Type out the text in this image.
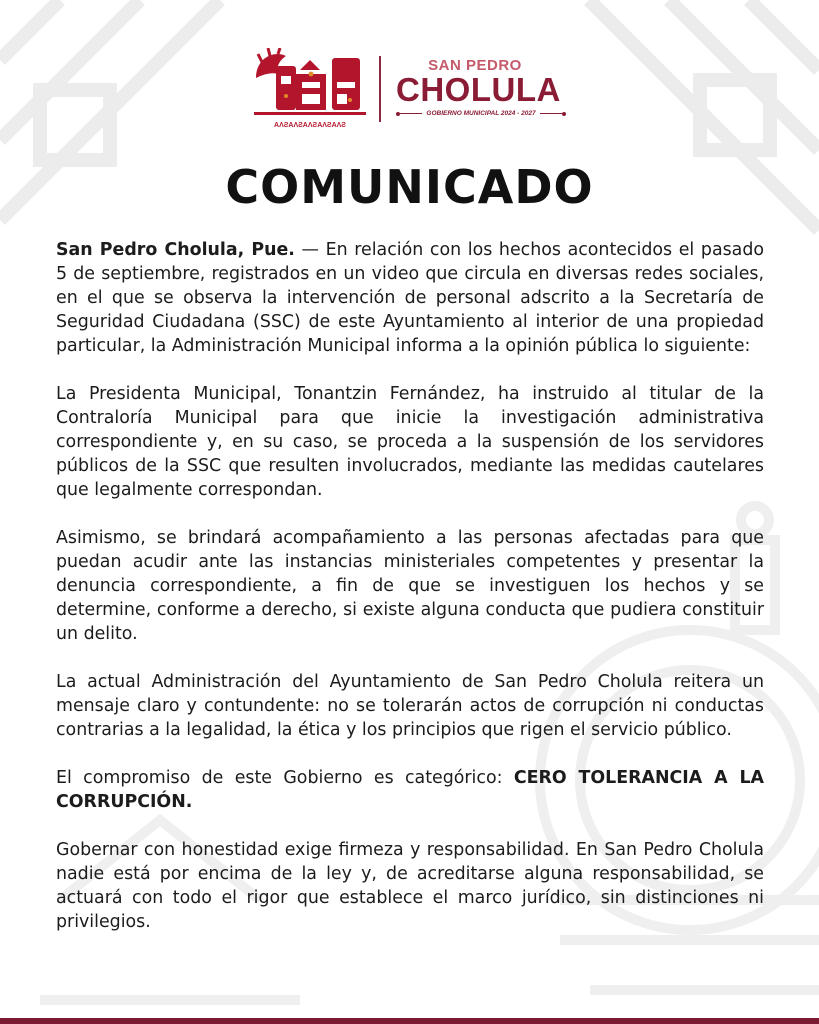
AɅƧAɅƧAɅƧAɅƧAɅƧ
SAN PEDRO
CHOLULA
GOBIERNO MUNICIPAL 2024 - 2027
COMUNICADO

San Pedro Cholula, Pue. — En relación con los hechos acontecidos el pasado 5 de septiembre, registrados en un video que circula en diversas redes sociales, en el que se observa la intervención de personal adscrito a la Secretaría de Seguridad Ciudadana (SSC) de este Ayuntamiento al interior de una propiedad particular, la Administración Municipal informa a la opinión pública lo siguiente:

La Presidenta Municipal, Tonantzin Fernández, ha instruido al titular de la Contraloría Municipal para que inicie la investigación administrativa correspondiente y, en su caso, se proceda a la suspensión de los servidores públicos de la SSC que resulten involucrados, mediante las medidas cautelares que legalmente correspondan.

Asimismo, se brindará acompañamiento a las personas afectadas para que puedan acudir ante las instancias ministeriales competentes y presentar la denuncia correspondiente, a fin de que se investiguen los hechos y se determine, conforme a derecho, si existe alguna conducta que pudiera constituir un delito.

La actual Administración del Ayuntamiento de San Pedro Cholula reitera un mensaje claro y contundente: no se tolerarán actos de corrupción ni conductas contrarias a la legalidad, la ética y los principios que rigen el servicio público.

El compromiso de este Gobierno es categórico: CERO TOLERANCIA A LA CORRUPCIÓN.

Gobernar con honestidad exige firmeza y responsabilidad. En San Pedro Cholula nadie está por encima de la ley y, de acreditarse alguna responsabilidad, se actuará con todo el rigor que establece el marco jurídico, sin distinciones ni privilegios.
